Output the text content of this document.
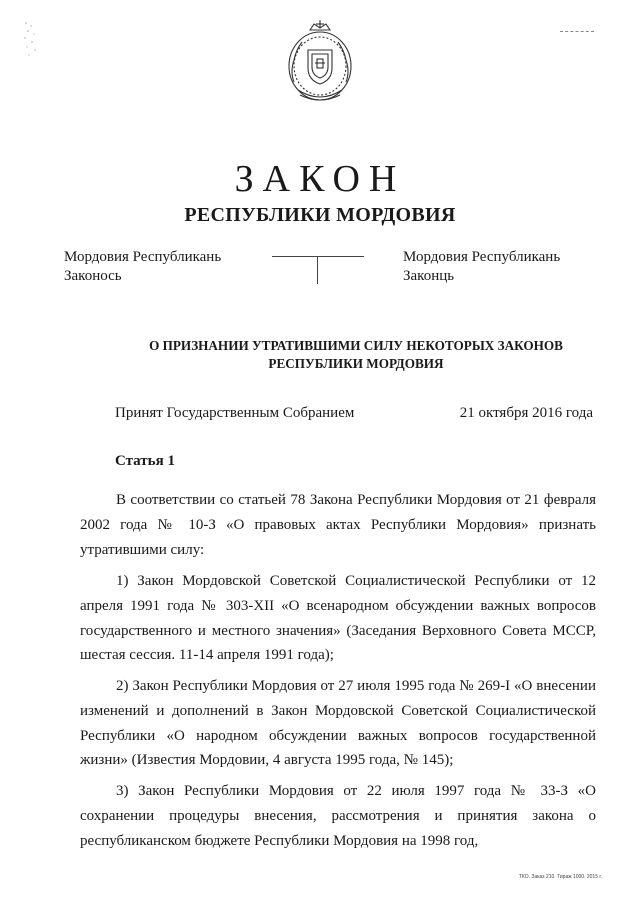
ЗАКОН
РЕСПУБЛИКИ МОРДОВИЯ
Мордовия Республикань
Законось
Мордовия Республикань
Законць
О ПРИЗНАНИИ УТРАТИВШИМИ СИЛУ НЕКОТОРЫХ ЗАКОНОВ
РЕСПУБЛИКИ МОРДОВИЯ
Принят Государственным Собранием	21 октября 2016 года
Статья 1

В соответствии со статьей 78 Закона Республики Мордовия от 21 февраля 2002 года № 10-З «О правовых актах Республики Мордовия» признать утратившими силу:

1) Закон Мордовской Советской Социалистической Республики от 12 апреля 1991 года № 303-XII «О всенародном обсуждении важных вопросов государственного и местного значения» (Заседания Верховного Совета МССР, шестая сессия. 11-14 апреля 1991 года);

2) Закон Республики Мордовия от 27 июля 1995 года № 269-I «О внесении изменений и дополнений в Закон Мордовской Советской Социалистической Республики «О народном обсуждении важных вопросов государственной жизни» (Известия Мордовии, 4 августа 1995 года, № 145);

3) Закон Республики Мордовия от 22 июля 1997 года № 33-З «О сохранении процедуры внесения, рассмотрения и принятия закона о республиканском бюджете Республики Мордовия на 1998 год,

ТКО. Заказ 210. Тираж 1000. 2015 г.
